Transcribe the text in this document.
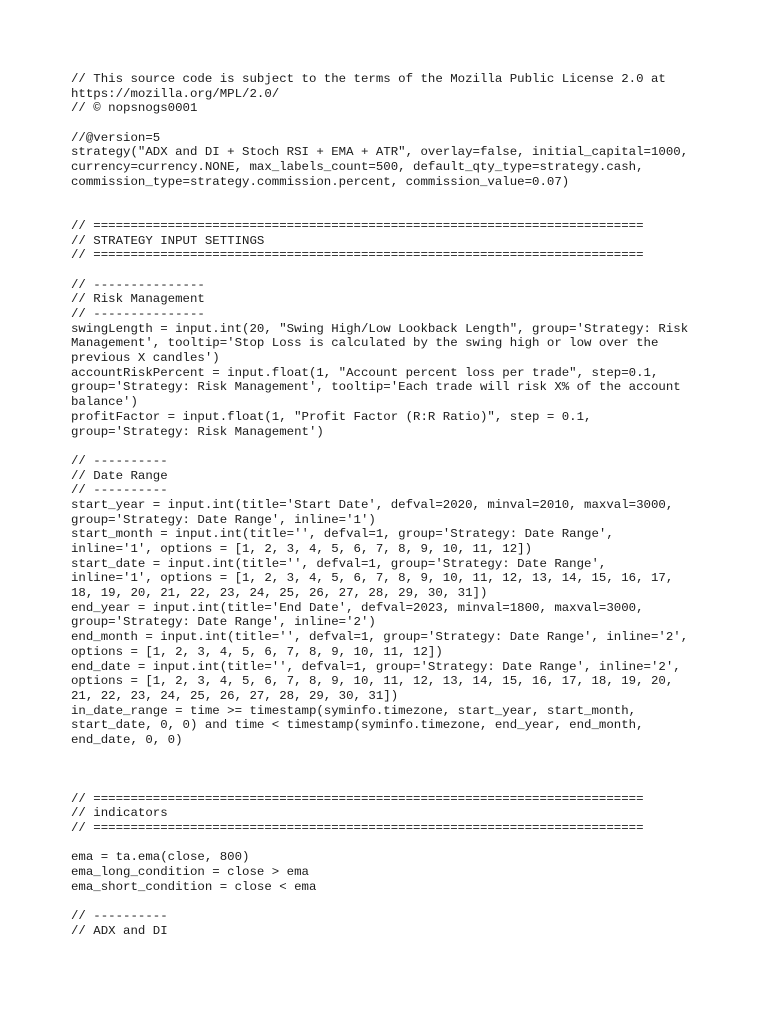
// This source code is subject to the terms of the Mozilla Public License 2.0 at
https://mozilla.org/MPL/2.0/
// © nopsnogs0001
//@version=5
strategy("ADX and DI + Stoch RSI + EMA + ATR", overlay=false, initial_capital=1000,
currency=currency.NONE, max_labels_count=500, default_qty_type=strategy.cash,
commission_type=strategy.commission.percent, commission_value=0.07)
// ==========================================================================
// STRATEGY INPUT SETTINGS
// ==========================================================================
// ---------------
// Risk Management
// ---------------
swingLength = input.int(20, "Swing High/Low Lookback Length", group='Strategy: Risk
Management', tooltip='Stop Loss is calculated by the swing high or low over the
previous X candles')
accountRiskPercent = input.float(1, "Account percent loss per trade", step=0.1,
group='Strategy: Risk Management', tooltip='Each trade will risk X% of the account
balance')
profitFactor = input.float(1, "Profit Factor (R:R Ratio)", step = 0.1,
group='Strategy: Risk Management')
// ----------
// Date Range
// ----------
start_year = input.int(title='Start Date', defval=2020, minval=2010, maxval=3000,
group='Strategy: Date Range', inline='1')
start_month = input.int(title='', defval=1, group='Strategy: Date Range',
inline='1', options = [1, 2, 3, 4, 5, 6, 7, 8, 9, 10, 11, 12])
start_date = input.int(title='', defval=1, group='Strategy: Date Range',
inline='1', options = [1, 2, 3, 4, 5, 6, 7, 8, 9, 10, 11, 12, 13, 14, 15, 16, 17,
18, 19, 20, 21, 22, 23, 24, 25, 26, 27, 28, 29, 30, 31])
end_year = input.int(title='End Date', defval=2023, minval=1800, maxval=3000,
group='Strategy: Date Range', inline='2')
end_month = input.int(title='', defval=1, group='Strategy: Date Range', inline='2',
options = [1, 2, 3, 4, 5, 6, 7, 8, 9, 10, 11, 12])
end_date = input.int(title='', defval=1, group='Strategy: Date Range', inline='2',
options = [1, 2, 3, 4, 5, 6, 7, 8, 9, 10, 11, 12, 13, 14, 15, 16, 17, 18, 19, 20,
21, 22, 23, 24, 25, 26, 27, 28, 29, 30, 31])
in_date_range = time >= timestamp(syminfo.timezone, start_year, start_month,
start_date, 0, 0) and time < timestamp(syminfo.timezone, end_year, end_month,
end_date, 0, 0)
// ==========================================================================
// indicators
// ==========================================================================
ema = ta.ema(close, 800)
ema_long_condition = close > ema
ema_short_condition = close < ema
// ----------
// ADX and DI
